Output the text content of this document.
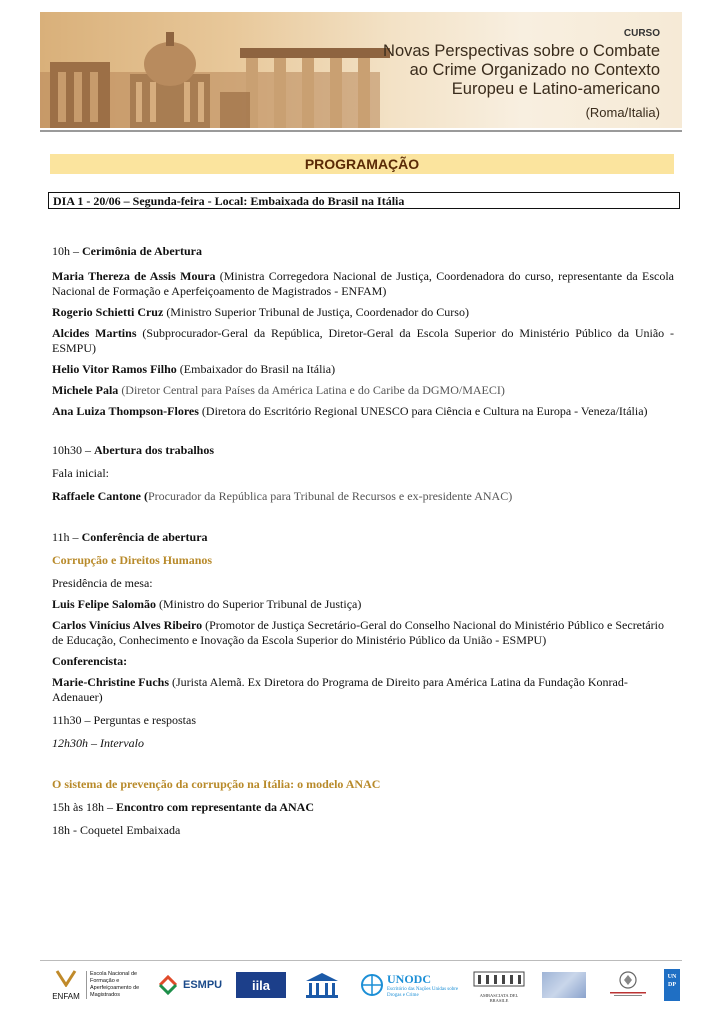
CURSO
Novas Perspectivas sobre o Combate
ao Crime Organizado no Contexto
Europeu e Latino-americano
(Roma/Italia)
PROGRAMAÇÃO
DIA 1 - 20/06 – Segunda-feira - Local: Embaixada do Brasil na Itália

10h – Cerimônia de Abertura

Maria Thereza de Assis Moura (Ministra Corregedora Nacional de Justiça, Coordenadora do curso, representante da Escola Nacional de Formação e Aperfeiçoamento de Magistrados - ENFAM)

Rogerio Schietti Cruz (Ministro Superior Tribunal de Justiça, Coordenador do Curso)

Alcides Martins (Subprocurador-Geral da República, Diretor-Geral da Escola Superior do Ministério Público da União - ESMPU)

Helio Vitor Ramos Filho (Embaixador do Brasil na Itália)

Michele Pala (Diretor Central para Países da América Latina e do Caribe da DGMO/MAECI)

Ana Luiza Thompson-Flores (Diretora do Escritório Regional UNESCO para Ciência e Cultura na Europa - Veneza/Itália)

10h30 – Abertura dos trabalhos

Fala inicial:

Raffaele Cantone (Procurador da República para Tribunal de Recursos e ex-presidente ANAC)

11h – Conferência de abertura

Corrupção e Direitos Humanos

Presidência de mesa:

Luis Felipe Salomão (Ministro do Superior Tribunal de Justiça)

Carlos Vinícius Alves Ribeiro (Promotor de Justiça Secretário-Geral do Conselho Nacional do Ministério Público e Secretário de Educação, Conhecimento e Inovação da Escola Superior do Ministério Público da União - ESMPU)

Conferencista:

Marie-Christine Fuchs (Jurista Alemã. Ex Diretora do Programa de Direito para América Latina da Fundação Konrad-Adenauer)

11h30 – Perguntas e respostas

12h30h – Intervalo

O sistema de prevenção da corrupção na Itália: o modelo ANAC

15h às 18h – Encontro com representante da ANAC

18h - Coquetel Embaixada

ENFAM
Escola Nacional de Formação e Aperfeiçoamento de Magistrados
ESMPU iila	UNODC
Escritório das Nações Unidas sobre Drogas e Crime	AMBASCIATA DEL BRASILE
UN DP
